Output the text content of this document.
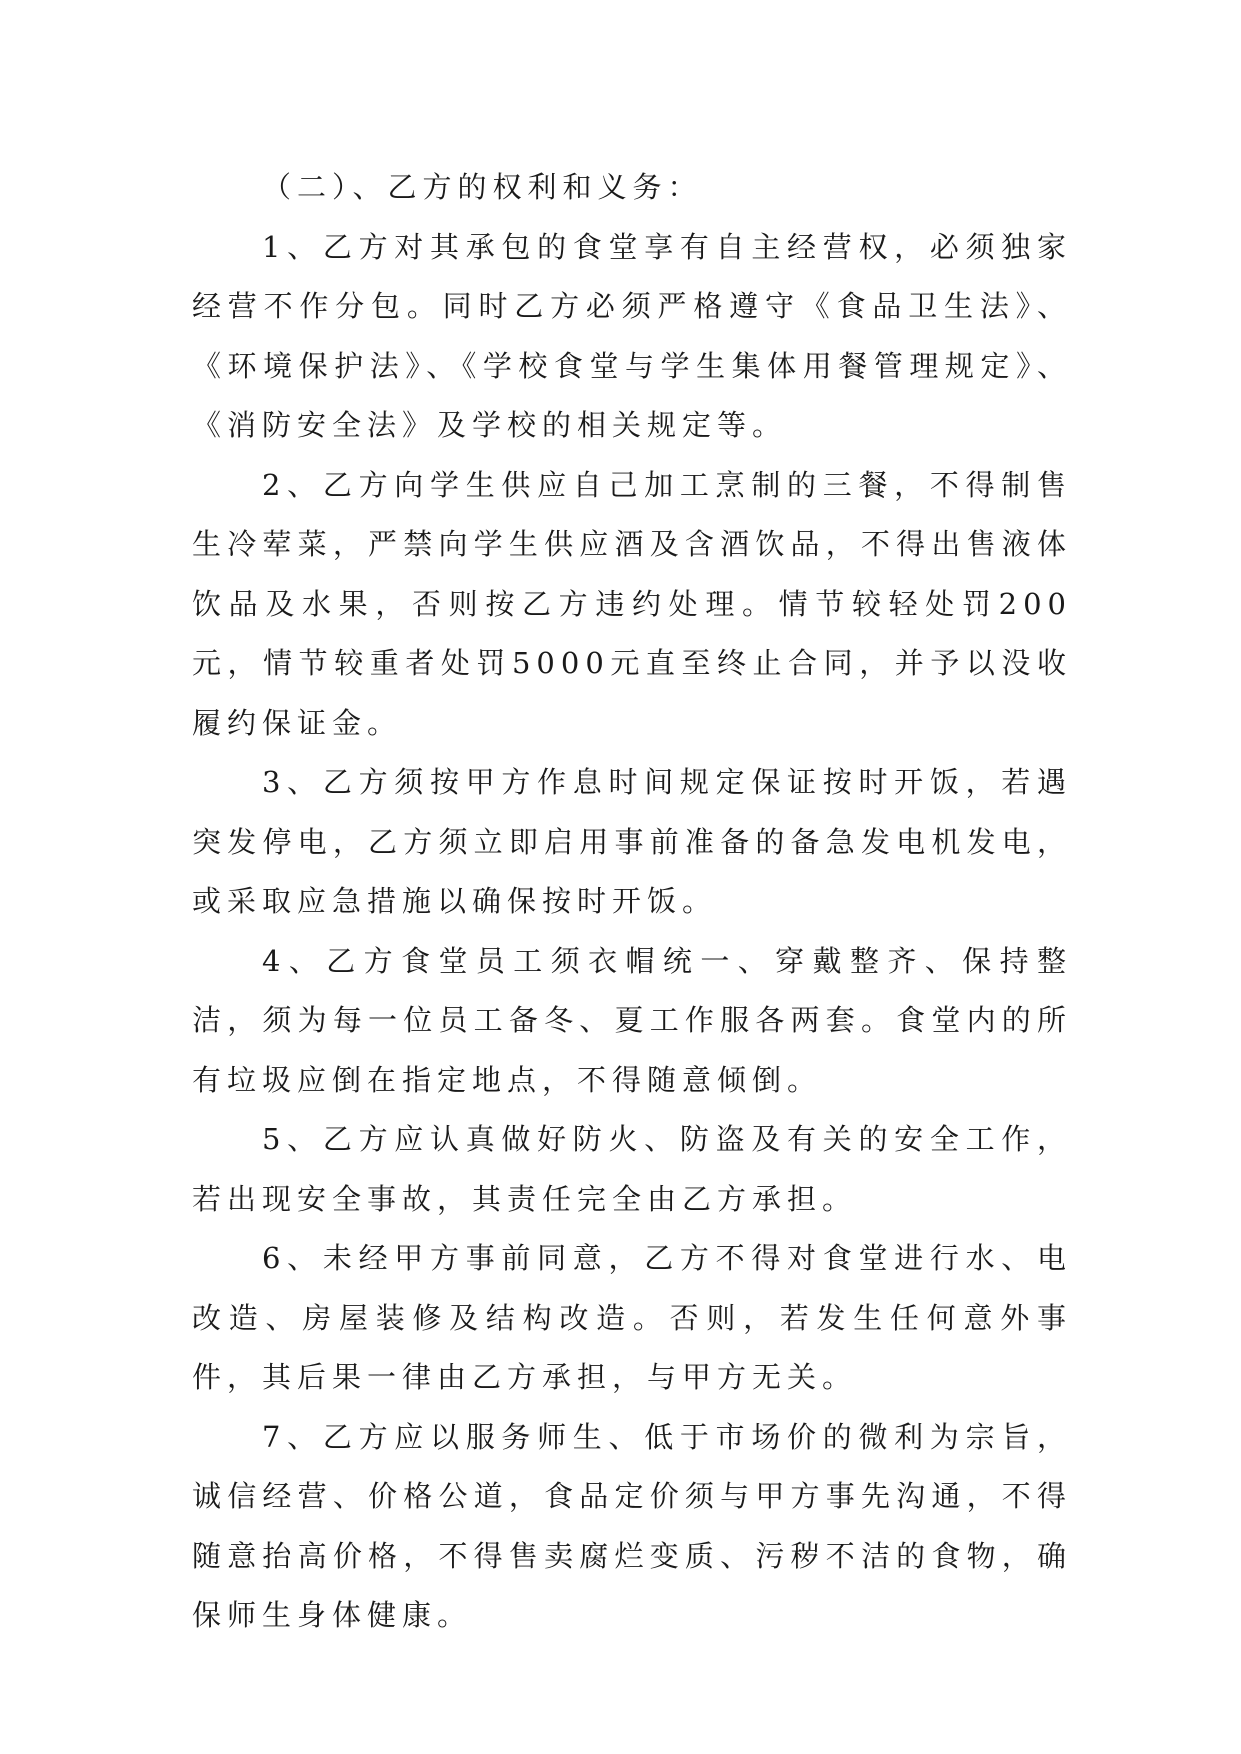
（二）、乙方的权利和义务：

1、乙方对其承包的食堂享有自主经营权，必须独家经营不作分包。同时乙方必须严格遵守《食品卫生法》、《环境保护法》、《学校食堂与学生集体用餐管理规定》、《消防安全法》及学校的相关规定等。

2、乙方向学生供应自己加工烹制的三餐，不得制售生冷荤菜，严禁向学生供应酒及含酒饮品，不得出售液体饮品及水果，否则按乙方违约处理。情节较轻处罚200元，情节较重者处罚5000元直至终止合同，并予以没收履约保证金。

3、乙方须按甲方作息时间规定保证按时开饭，若遇突发停电，乙方须立即启用事前准备的备急发电机发电，或采取应急措施以确保按时开饭。

4、乙方食堂员工须衣帽统一、穿戴整齐、保持整洁，须为每一位员工备冬、夏工作服各两套。食堂内的所有垃圾应倒在指定地点，不得随意倾倒。

5、乙方应认真做好防火、防盗及有关的安全工作，若出现安全事故，其责任完全由乙方承担。

6、未经甲方事前同意，乙方不得对食堂进行水、电改造、房屋装修及结构改造。否则，若发生任何意外事件，其后果一律由乙方承担，与甲方无关。

7、乙方应以服务师生、低于市场价的微利为宗旨，诚信经营、价格公道，食品定价须与甲方事先沟通，不得随意抬高价格，不得售卖腐烂变质、污秽不洁的食物，确保师生身体健康。
